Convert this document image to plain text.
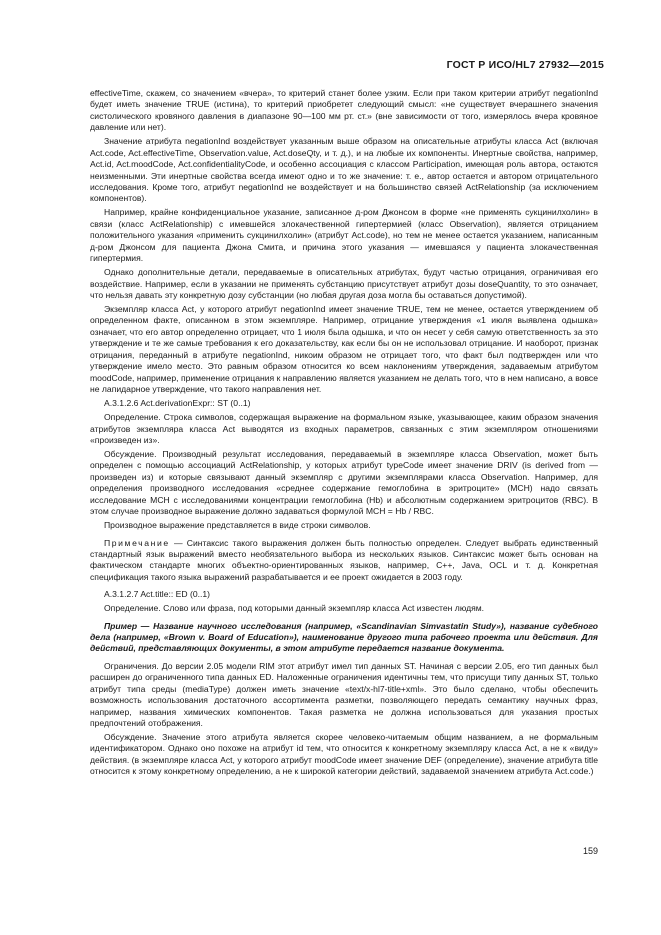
ГОСТ Р ИСО/HL7 27932—2015

effectiveTime, скажем, со значением «вчера», то критерий станет более узким. Если при таком критерии атрибут negationInd будет иметь значение TRUE (истина), то критерий приобретет следующий смысл: «не существует вчерашнего значения систолического кровяного давления в диапазоне 90—100 мм рт. ст.» (вне зависимости от того, измерялось вчера кровяное давление или нет).

Значение атрибута negationInd воздействует указанным выше образом на описательные атрибуты класса Act (включая Act.code, Act.effectiveTime, Observation.value, Act.doseQty, и т. д.), и на любые их компоненты. Инертные свойства, например, Act.id, Act.moodCode, Act.confidentialityCode, и особенно ассоциация с классом Participation, имеющая роль автора, остаются неизменными. Эти инертные свойства всегда имеют одно и то же значение: т. е., автор остается и автором отрицательного исследования. Кроме того, атрибут negationInd не воздействует и на большинство связей ActRelationship (за исключением компонентов).

Например, крайне конфиденциальное указание, записанное д-ром Джонсом в форме «не применять сукцинилхолин» в связи (класс ActRelationship) с имевшейся злокачественной гипертермией (класс Observation), является отрицанием положительного указания «применить сукцинилхолин» (атрибут Act.code), но тем не менее остается указанием, написанным д-ром Джонсом для пациента Джона Смита, и причина этого указания — имевшаяся у пациента злокачественная гипертермия.

Однако дополнительные детали, передаваемые в описательных атрибутах, будут частью отрицания, ограничивая его воздействие. Например, если в указании не применять субстанцию присутствует атрибут дозы doseQuantity, то это означает, что нельзя давать эту конкретную дозу субстанции (но любая другая доза могла бы оставаться допустимой).

Экземпляр класса Act, у которого атрибут negationInd имеет значение TRUE, тем не менее, остается утверждением об определенном факте, описанном в этом экземпляре. Например, отрицание утверждения «1 июля выявлена одышка» означает, что его автор определенно отрицает, что 1 июля была одышка, и что он несет у себя самую ответственность за это утверждение и те же самые требования к его доказательству, как если бы он не использовал отрицание. И наоборот, признак отрицания, переданный в атрибуте negationInd, никоим образом не отрицает того, что факт был подтвержден или что утверждение имело место. Это равным образом относится ко всем наклонениям утверждения, задаваемым атрибутом moodCode, например, применение отрицания к направлению является указанием не делать того, что в нем написано, а вовсе не лапидарное утверждение, что такого направления нет.

A.3.1.2.6 Act.derivationExpr:: ST (0..1)

Определение. Строка символов, содержащая выражение на формальном языке, указывающее, каким образом значения атрибутов экземпляра класса Act выводятся из входных параметров, связанных с этим экземпляром отношениями «произведен из».

Обсуждение. Производный результат исследования, передаваемый в экземпляре класса Observation, может быть определен с помощью ассоциаций ActRelationship, у которых атрибут typeCode имеет значение DRIV (is derived from — произведен из) и которые связывают данный экземпляр с другими экземплярами класса Observation. Например, для определения производного исследования «среднее содержание гемоглобина в эритроците» (MCH) надо связать исследование MCH с исследованиями концентрации гемоглобина (Hb) и абсолютным содержанием эритроцитов (RBC). В этом случае производное выражение должно задаваться формулой MCH = Hb / RBC.

Производное выражение представляется в виде строки символов.

Примечание — Синтаксис такого выражения должен быть полностью определен. Следует выбрать единственный стандартный язык выражений вместо необязательного выбора из нескольких языков. Синтаксис может быть основан на фактическом стандарте многих объектно-ориентированных языков, например, C++, Java, OCL и т. д. Конкретная спецификация такого языка выражений разрабатывается и ее проект ожидается в 2003 году.

A.3.1.2.7 Act.title:: ED (0..1)

Определение. Слово или фраза, под которыми данный экземпляр класса Act известен людям.

Пример — Название научного исследования (например, «Scandinavian Simvastatin Study»), название судебного дела (например, «Brown v. Board of Education»), наименование другого типа рабочего проекта или действия. Для действий, представляющих документы, в этом атрибуте передается название документа.

Ограничения. До версии 2.05 модели RIM этот атрибут имел тип данных ST. Начиная с версии 2.05, его тип данных был расширен до ограниченного типа данных ED. Наложенные ограничения идентичны тем, что присущи типу данных ST, только атрибут типа среды (mediaType) должен иметь значение «text/x-hl7-title+xml». Это было сделано, чтобы обеспечить возможность использования достаточного ассортимента разметки, позволяющего передать семантику научных фраз, например, названия химических компонентов. Такая разметка не должна использоваться для указания простых предпочтений отображения.

Обсуждение. Значение этого атрибута является скорее человеко-читаемым общим названием, а не формальным идентификатором. Однако оно похоже на атрибут id тем, что относится к конкретному экземпляру класса Act, а не к «виду» действия. (в экземпляре класса Act, у которого атрибут moodCode имеет значение DEF (определение), значение атрибута title относится к этому конкретному определению, а не к широкой категории действий, задаваемой значением атрибута Act.code.)

159
